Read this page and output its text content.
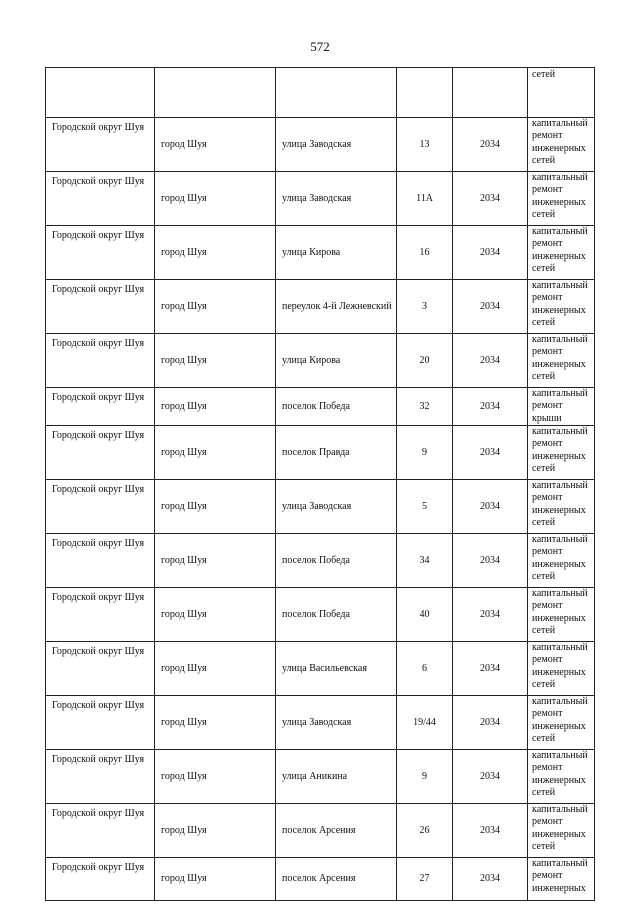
572
					сетей
Городской округ Шуя	город Шуя	улица Заводская	13	2034	капитальный ремонт инженерных сетей
Городской округ Шуя	город Шуя	улица Заводская	11А	2034	капитальный ремонт инженерных сетей
Городской округ Шуя	город Шуя	улица Кирова	16	2034	капитальный ремонт инженерных сетей
Городской округ Шуя	город Шуя	переулок 4-й Лежневский	3	2034	капитальный ремонт инженерных сетей
Городской округ Шуя	город Шуя	улица Кирова	20	2034	капитальный ремонт инженерных сетей
Городской округ Шуя	город Шуя	поселок Победа	32	2034	капитальный ремонт крыши
Городской округ Шуя	город Шуя	поселок Правда	9	2034	капитальный ремонт инженерных сетей
Городской округ Шуя	город Шуя	улица Заводская	5	2034	капитальный ремонт инженерных сетей
Городской округ Шуя	город Шуя	поселок Победа	34	2034	капитальный ремонт инженерных сетей
Городской округ Шуя	город Шуя	поселок Победа	40	2034	капитальный ремонт инженерных сетей
Городской округ Шуя	город Шуя	улица Васильевская	6	2034	капитальный ремонт инженерных сетей
Городской округ Шуя	город Шуя	улица Заводская	19/44	2034	капитальный ремонт инженерных сетей
Городской округ Шуя	город Шуя	улица Аникина	9	2034	капитальный ремонт инженерных сетей
Городской округ Шуя	город Шуя	поселок Арсения	26	2034	капитальный ремонт инженерных сетей
Городской округ Шуя	город Шуя	поселок Арсения	27	2034	капитальный ремонт инженерных
